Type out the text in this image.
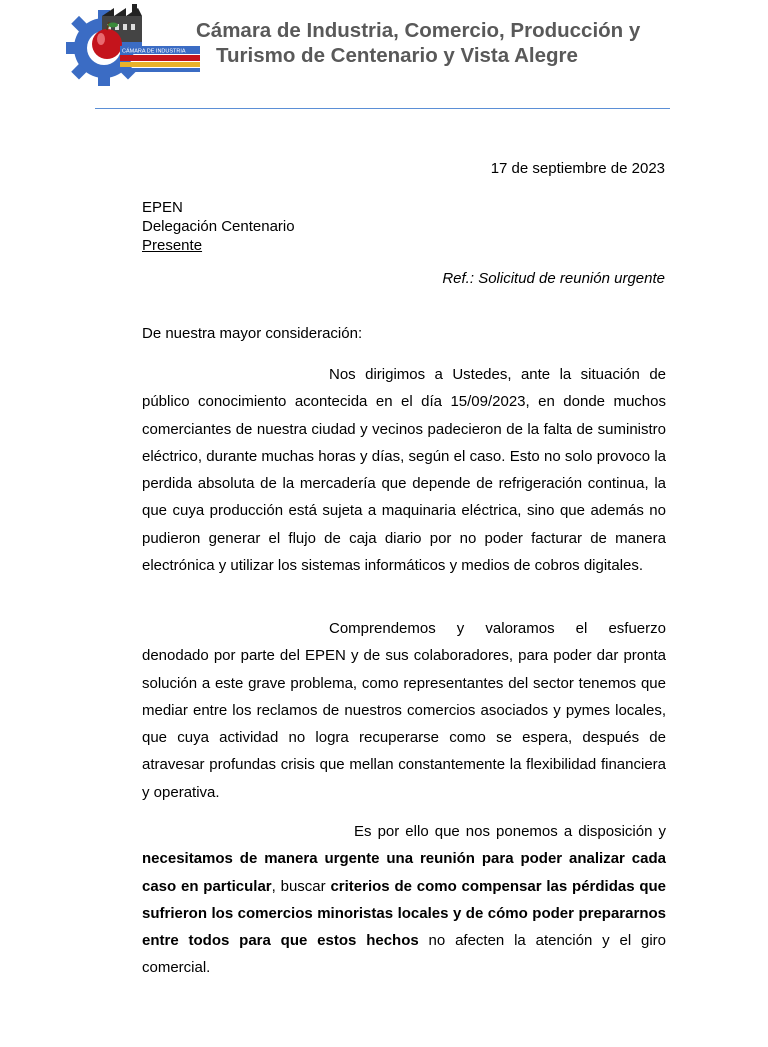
CÁMARA DE INDUSTRIA
Cámara de Industria, Comercio, Producción y
Turismo de Centenario y Vista Alegre
17 de septiembre de 2023
EPEN
Delegación Centenario
Presente
Ref.: Solicitud de reunión urgente
De nuestra mayor consideración:
Nos dirigimos a Ustedes, ante la situación de público conocimiento acontecida en el día 15/09/2023, en donde muchos comerciantes de nuestra ciudad y vecinos padecieron de la falta de suministro eléctrico, durante muchas horas y días, según el caso. Esto no solo provoco la perdida absoluta de la mercadería que depende de refrigeración continua, la que cuya producción está sujeta a maquinaria eléctrica, sino que además no pudieron generar el flujo de caja diario por no poder facturar de manera electrónica y utilizar los sistemas informáticos y medios de cobros digitales.
Comprendemos y valoramos el esfuerzo denodado por parte del EPEN y de sus colaboradores, para poder dar pronta solución a este grave problema, como representantes del sector tenemos que mediar entre los reclamos de nuestros comercios asociados y pymes locales, que cuya actividad no logra recuperarse como se espera, después de atravesar profundas crisis que mellan constantemente la flexibilidad financiera y operativa.
Es por ello que nos ponemos a disposición y necesitamos de manera urgente una reunión para poder analizar cada caso en particular, buscar criterios de como compensar las pérdidas que sufrieron los comercios minoristas locales y de cómo poder prepararnos entre todos para que estos hechos no afecten la atención y el giro comercial.
